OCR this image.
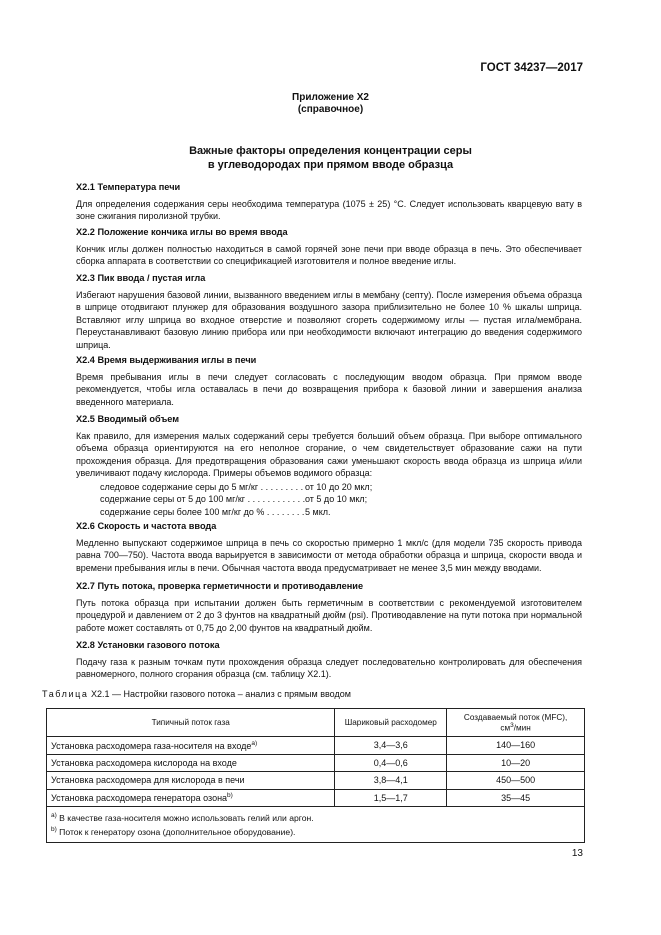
ГОСТ 34237—2017
Приложение Х2
(справочное)
Важные факторы определения концентрации серы
в углеводородах при прямом вводе образца
Х2.1 Температура печи

Для определения содержания серы необходима температура (1075 ± 25) °С. Следует использовать кварцевую вату в зоне сжигания пиролизной трубки.

Х2.2 Положение кончика иглы во время ввода

Кончик иглы должен полностью находиться в самой горячей зоне печи при вводе образца в печь. Это обеспечивает сборка аппарата в соответствии со спецификацией изготовителя и полное введение иглы.

Х2.3 Пик ввода / пустая игла

Избегают нарушения базовой линии, вызванного введением иглы в мембану (септу). После измерения объема образца в шприце отодвигают плунжер для образования воздушного зазора приблизительно не более 10 % шкалы шприца. Вставляют иглу шприца во входное отверстие и позволяют сгореть содержимому иглы — пустая игла/мембрана. Переустанавливают базовую линию прибора или при необходимости включают интеграцию до введения содержимого шприца.

Х2.4 Время выдерживания иглы в печи

Время пребывания иглы в печи следует согласовать с последующим вводом образца. При прямом вводе рекомендуется, чтобы игла оставалась в печи до возвращения прибора к базовой линии и завершения анализа введенного материала.

Х2.5 Вводимый объем

Как правило, для измерения малых содержаний серы требуется больший объем образца. При выборе оптимального объема образца ориентируются на его неполное сгорание, о чем свидетельствует образование сажи на пути прохождения образца. Для предотвращения образования сажи уменьшают скорость ввода образца из шприца и/или увеличивают подачу кислорода. Примеры объемов водимого образца:

следовое содержание серы до 5 мг/кг . . .	от 10 до 20 мкл;
содержание серы от 5 до 100 мг/кг . . .	от 5 до 10 мкл;
содержание серы более 100 мг/кг до % . . .	5 мкл.
Х2.6 Скорость и частота ввода

Медленно выпускают содержимое шприца в печь со скоростью примерно 1 мкл/с (для модели 735 скорость привода равна 700—750). Частота ввода варьируется в зависимости от метода обработки образца и шприца, скорости ввода и времени пребывания иглы в печи. Обычная частота ввода предусматривает не менее 3,5 мин между вводами.

Х2.7 Путь потока, проверка герметичности и противодавление

Путь потока образца при испытании должен быть герметичным в соответствии с рекомендуемой изготовителем процедурой и давлением от 2 до 3 фунтов на квадратный дюйм (psi). Противодавление на пути потока при нормальной работе может составлять от 0,75 до 2,00 фунтов на квадратный дюйм.

Х2.8 Установки газового потока

Подачу газа к разным точкам пути прохождения образца следует последовательно контролировать для обеспечения равномерного, полного сгорания образца (см. таблицу Х2.1).

Таблица Х2.1 — Настройки газового потока – анализ с прямым вводом
Типичный поток газа	Шариковый расходомер	Создаваемый поток (MFC),
$см^3$/мин
Установка расходомера газа-носителя на входе$^{а)}$	3,4—3,6	140—160
Установка расходомера кислорода на входе	0,4—0,6	10—20
Установка расходомера для кислорода в печи	3,8—4,1	450—500
Установка расходомера генератора озона$^{b)}$	1,5—1,7	35—45

$^{а)}$ В качестве газа-носителя можно использовать гелий или аргон.
$^{b)}$ Поток к генератору озона (дополнительное оборудование).		
13
